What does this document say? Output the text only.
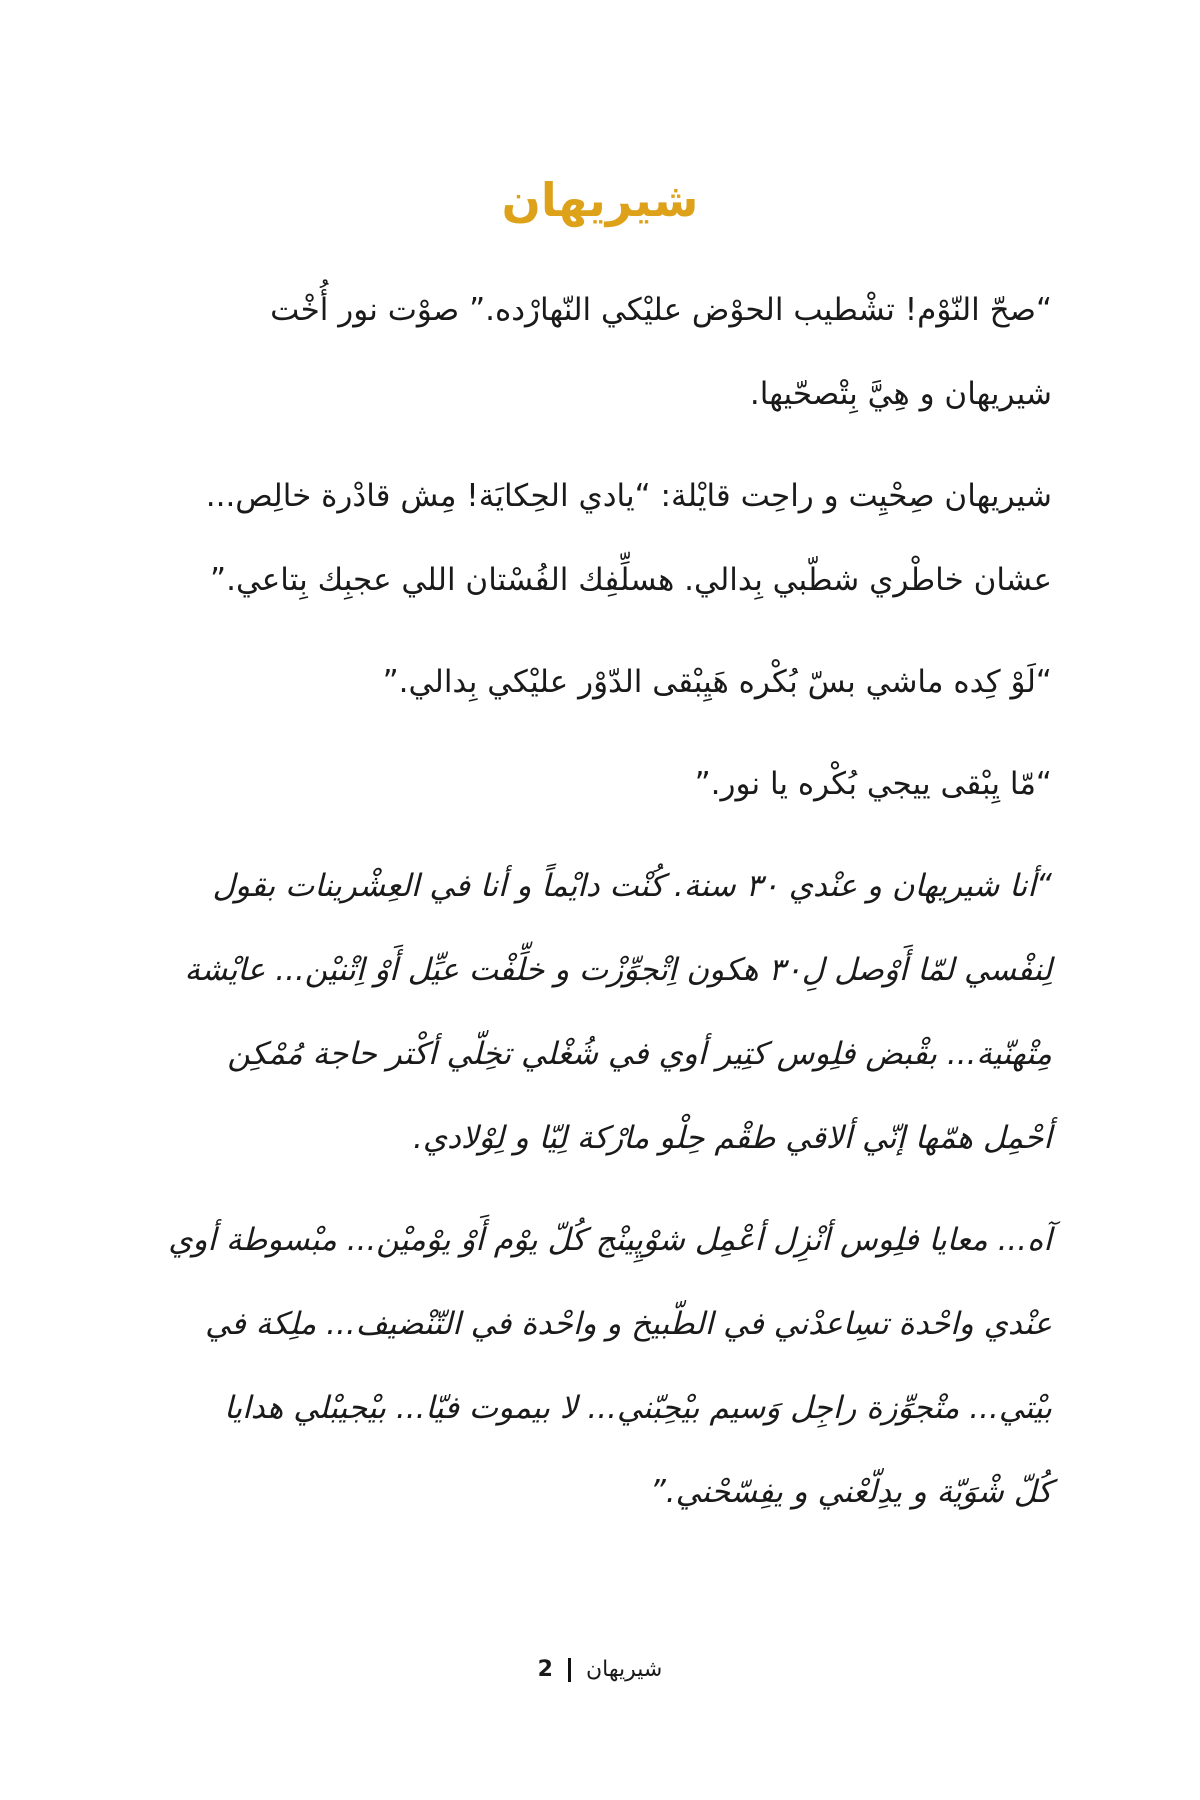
شيريهان

“صحّ النّوْم! تشْطيب الحوْض عليْكي النّهارْده.” صوْت نور أُخْت
شيريهان و هِيَّ بِتْصحّيها.

شيريهان صِحْيِت و راحِت قايْلة: “يادي الحِكايَة! مِش قادْرة خالِص...
عشان خاطْري شطّبي بِدالي. هسلِّفِك الفُسْتان اللي عجبِك بِتاعي.”

“لَوْ كِده ماشي بسّ بُكْره هَيِبْقى الدّوْر عليْكي بِدالي.”

“مّا يِبْقى ييجي بُكْره يا نور.”

“أنا شيريهان و عنْدي ٣٠ سنة. كُنْت دايْماً و أنا في العِشْرينات بقول
لِنفْسي لمّا أَوْصل لِ٣٠ هكون اِتْجوِّزْت و خلِّفْت عيِّل أَوْ اِتْنيْن... عايْشة
مِتْهنّية... بقْبض فلِوس كتِير أوي في شُغْلي تخِلّي أكْتر حاجة مُمْكِن
أحْمِل همّها إنّي ألاقي طقْم حِلْو مارْكة لِيّا و لِوْلادي.

آه... معايا فلِوس أنْزِل أعْمِل شوْپِينْج كُلّ يوْم أَوْ يوْميْن... مبْسوطة أوي
عنْدي واحْدة تسِاعدْني في الطّبيخ و واحْدة في التّنْضيف... ملِكة في
بيْتي... متْجوِّزة راجِل وَسيم بيْحِبّني... لا بيموت فيّا... بيْجيبْلي هدايا
كُلّ شْوَيّة و يدِلّعْني و يفِسّحْني.”

شيريهان  2
